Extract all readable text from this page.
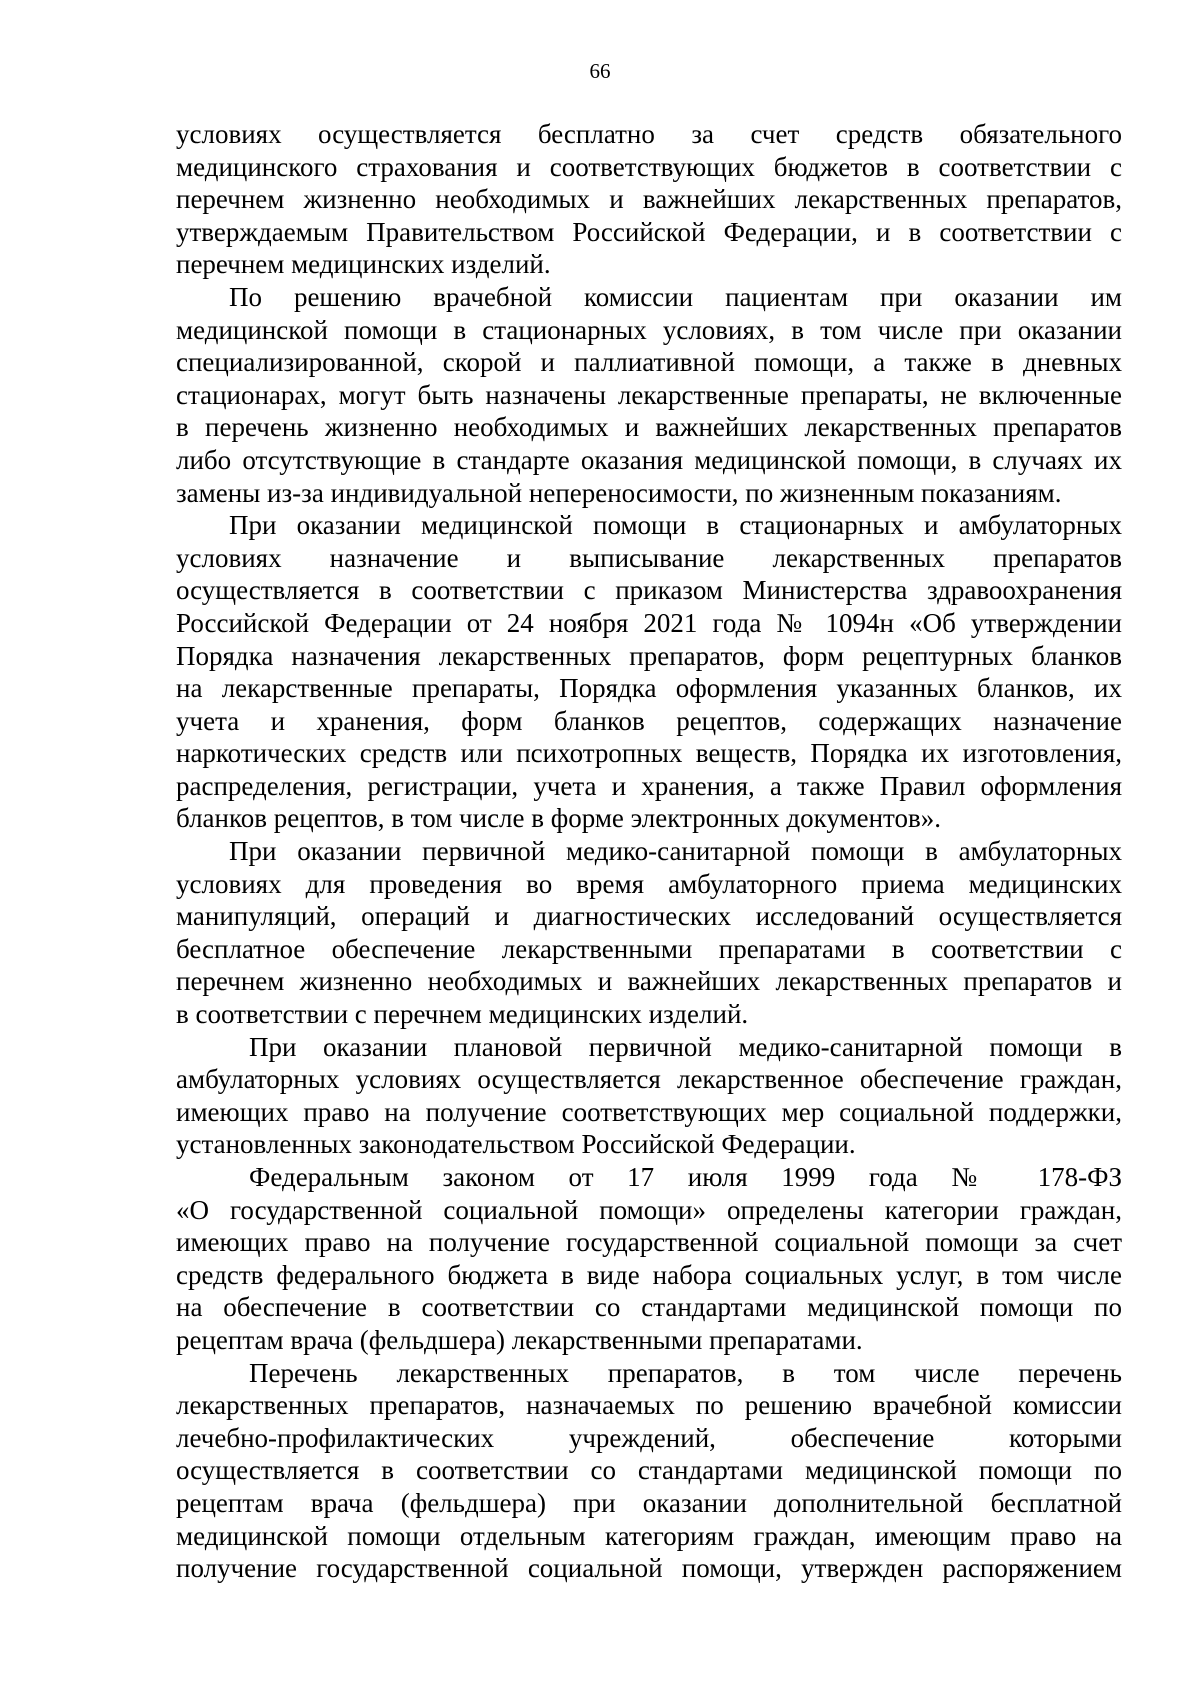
66

условиях осуществляется бесплатно за счет средств обязательного
медицинского страхования и соответствующих бюджетов в соответствии с
перечнем жизненно необходимых и важнейших лекарственных препаратов,
утверждаемым Правительством Российской Федерации, и в соответствии с
перечнем медицинских изделий.

По решению врачебной комиссии пациентам при оказании им
медицинской помощи в стационарных условиях, в том числе при оказании
специализированной, скорой и паллиативной помощи, а также в дневных
стационарах, могут быть назначены лекарственные препараты, не включенные
в перечень жизненно необходимых и важнейших лекарственных препаратов
либо отсутствующие в стандарте оказания медицинской помощи, в случаях их
замены из-за индивидуальной непереносимости, по жизненным показаниям.

При оказании медицинской помощи в стационарных и амбулаторных
условиях назначение и выписывание лекарственных препаратов
осуществляется в соответствии с приказом Министерства здравоохранения
Российской Федерации от 24 ноября 2021 года № 1094н «Об утверждении
Порядка назначения лекарственных препаратов, форм рецептурных бланков
на лекарственные препараты, Порядка оформления указанных бланков, их
учета и хранения, форм бланков рецептов, содержащих назначение
наркотических средств или психотропных веществ, Порядка их изготовления,
распределения, регистрации, учета и хранения, а также Правил оформления
бланков рецептов, в том числе в форме электронных документов».

При оказании первичной медико-санитарной помощи в амбулаторных
условиях для проведения во время амбулаторного приема медицинских
манипуляций, операций и диагностических исследований осуществляется
бесплатное обеспечение лекарственными препаратами в соответствии с
перечнем жизненно необходимых и важнейших лекарственных препаратов и
в соответствии с перечнем медицинских изделий.

При оказании плановой первичной медико-санитарной помощи в
амбулаторных условиях осуществляется лекарственное обеспечение граждан,
имеющих право на получение соответствующих мер социальной поддержки,
установленных законодательством Российской Федерации.

Федеральным законом от 17 июля 1999 года № 178-ФЗ
«О государственной социальной помощи» определены категории граждан,
имеющих право на получение государственной социальной помощи за счет
средств федерального бюджета в виде набора социальных услуг, в том числе
на обеспечение в соответствии со стандартами медицинской помощи по
рецептам врача (фельдшера) лекарственными препаратами.

Перечень лекарственных препаратов, в том числе перечень
лекарственных препаратов, назначаемых по решению врачебной комиссии
лечебно-профилактических учреждений, обеспечение которыми
осуществляется в соответствии со стандартами медицинской помощи по
рецептам врача (фельдшера) при оказании дополнительной бесплатной
медицинской помощи отдельным категориям граждан, имеющим право на
получение государственной социальной помощи, утвержден распоряжением
